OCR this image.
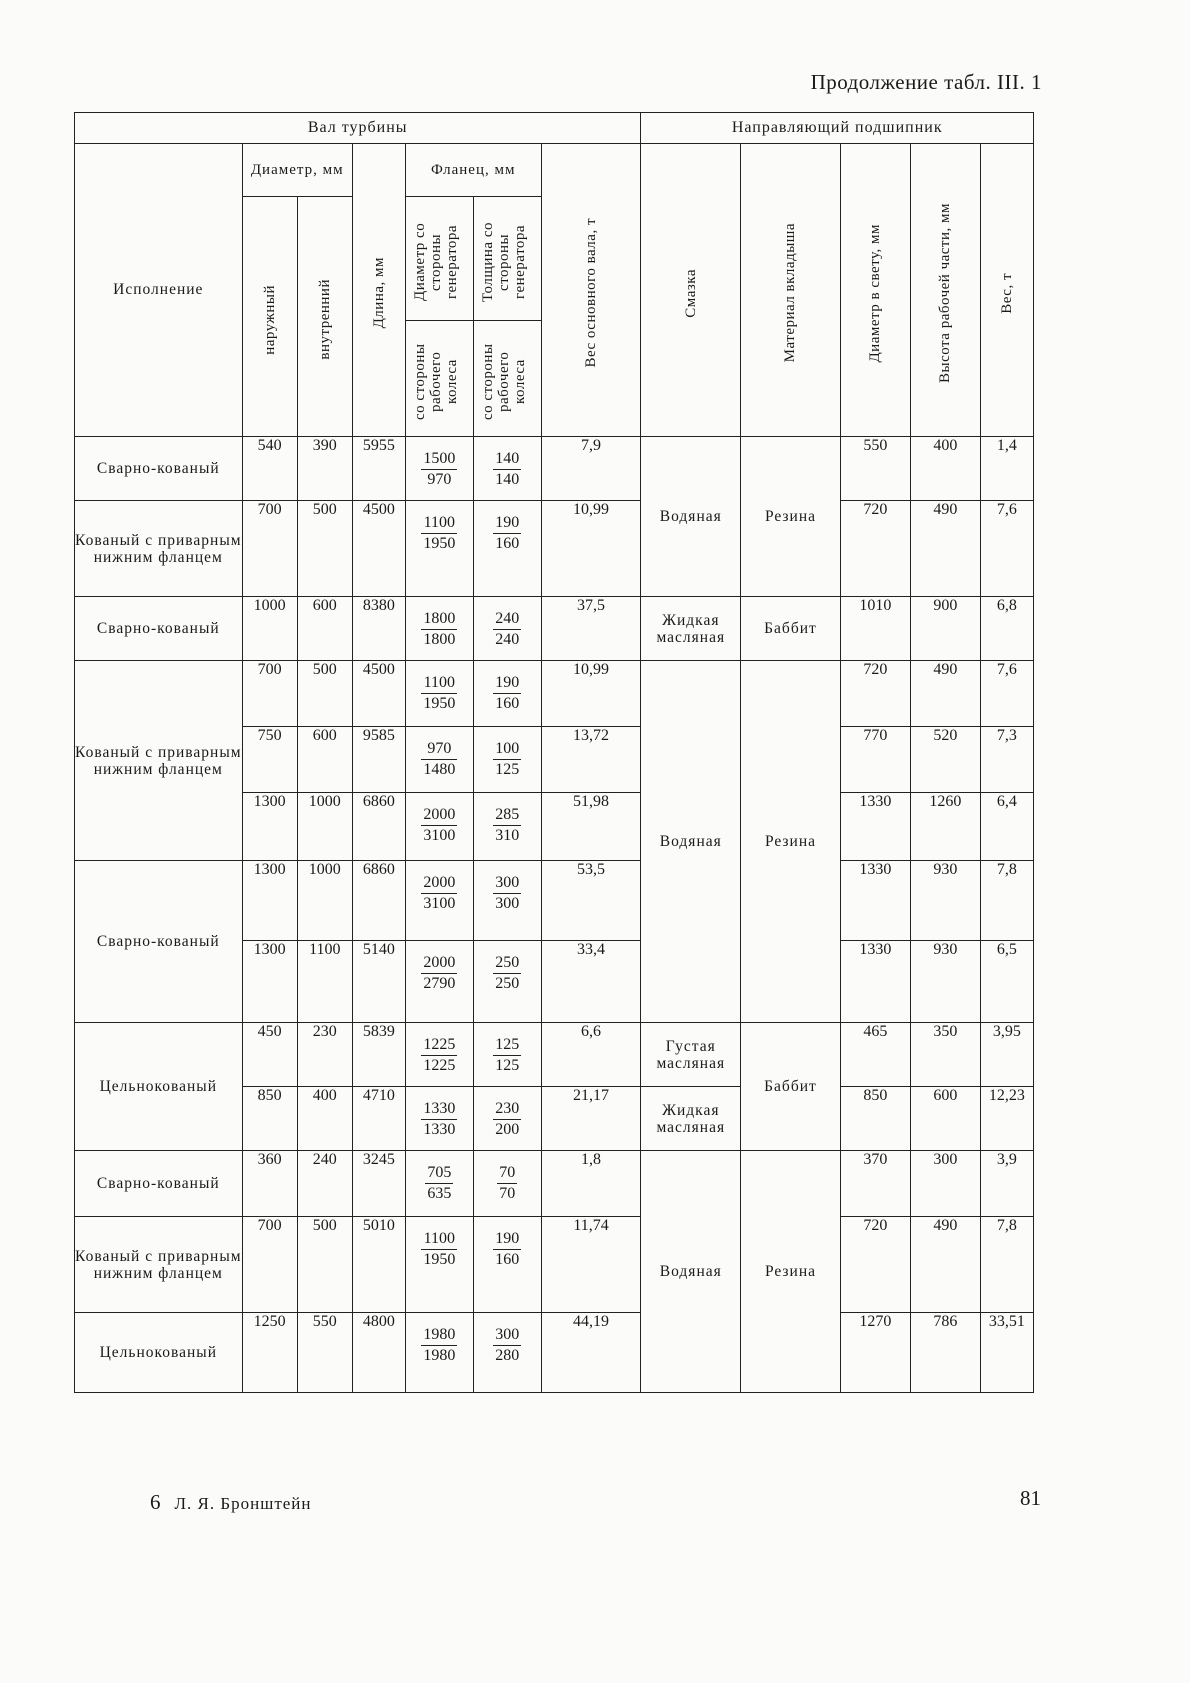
Продолжение табл. III. 1
Вал турбины							Направляющий подшипник				
Исполнение	Диаметр, мм		Длина, мм	Фланец, мм		Вес основного вала, т	Смазка	Материал вкладыша	Диаметр в свету, мм	Высота рабочей части, мм	Вес, т

	наружный	внутренний		Диаметр со стороны генератора	Толщина со стороны генератора						

				со стороны рабочего колеса	со стороны рабочего колеса						

Сварно-кованый	540	390	5955	$\frac{1500}{970}$	$\frac{140}{140}$	7,9	Водяная	Резина	550	400	1,4
Кованый с приварным нижним фланцем	700	500	4500	$\frac{1100}{1950}$	$\frac{190}{160}$	10,99			720	490	7,6
Сварно-кованый	1000	600	8380	$\frac{1800}{1800}$	$\frac{240}{240}$	37,5	Жидкая масляная	Баббит	1010	900	6,8
Кованый с приварным нижним фланцем	700	500	4500	$\frac{1100}{1950}$	$\frac{190}{160}$	10,99	Водяная	Резина	720	490	7,6
	750	600	9585	$\frac{970}{1480}$	$\frac{100}{125}$	13,72			770	520	7,3
	1300	1000	6860	$\frac{2000}{3100}$	$\frac{285}{310}$	51,98			1330	1260	6,4
Сварно-кованый	1300	1000	6860	$\frac{2000}{3100}$	$\frac{300}{300}$	53,5			1330	930	7,8
	1300	1100	5140	$\frac{2000}{2790}$	$\frac{250}{250}$	33,4			1330	930	6,5
Цельнокованый	450	230	5839	$\frac{1225}{1225}$	$\frac{125}{125}$	6,6	Густая масляная	Баббит	465	350	3,95
	850	400	4710	$\frac{1330}{1330}$	$\frac{230}{200}$	21,17	Жидкая масляная		850	600	12,23
Сварно-кованый	360	240	3245	$\frac{705}{635}$	$\frac{70}{70}$	1,8	Водяная	Резина	370	300	3,9
Кованый с приварным нижним фланцем	700	500	5010	$\frac{1100}{1950}$	$\frac{190}{160}$	11,74			720	490	7,8
Цельнокованый	1250	550	4800	$\frac{1980}{1980}$	$\frac{300}{280}$	44,19			1270	786	33,51
6 Л. Я. Бронштейн	81
